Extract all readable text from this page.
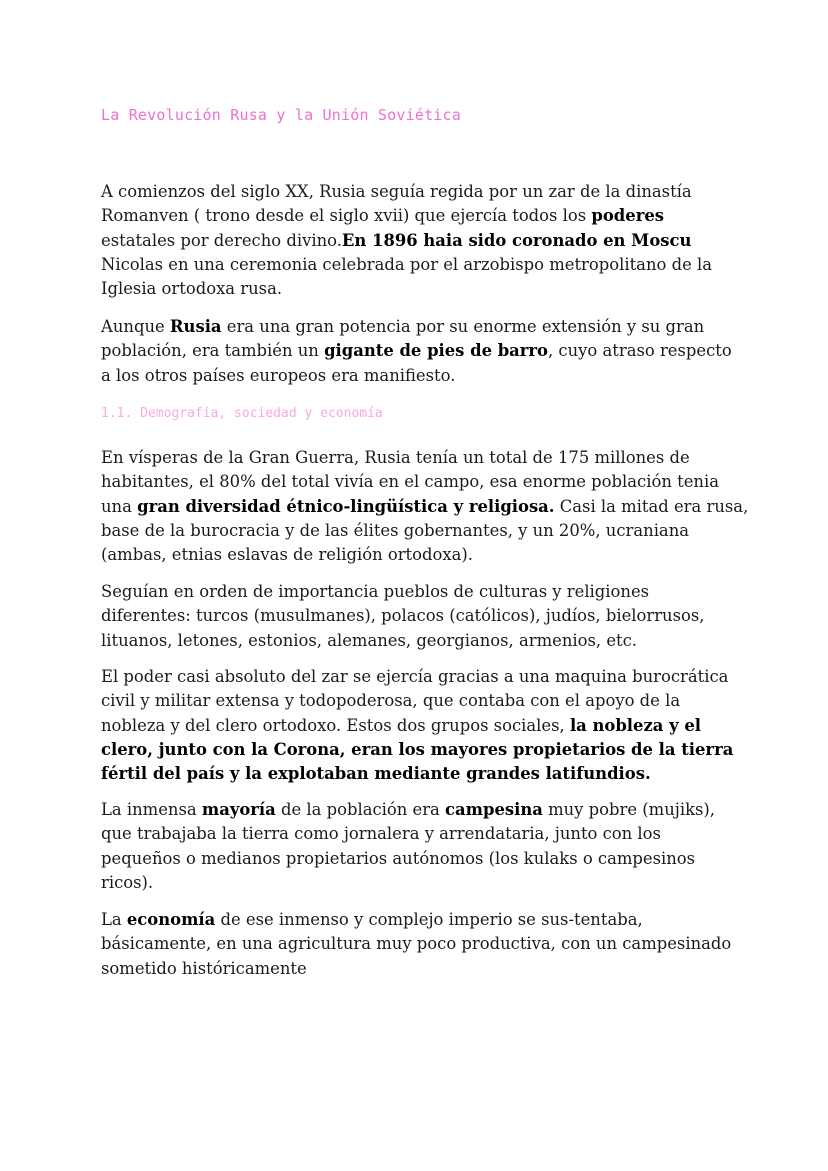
La Revolución Rusa y la Unión Soviética

A comienzos del siglo XX, Rusia seguía regida por un zar de la dinastía
Romanven ( trono desde el siglo xvii) que ejercía todos los poderes
estatales por derecho divino.En 1896 haia sido coronado en Moscu
Nicolas en una ceremonia celebrada por el arzobispo metropolitano de la
Iglesia ortodoxa rusa.

Aunque Rusia era una gran potencia por su enorme extensión y su gran
población, era también un gigante de pies de barro, cuyo atraso respecto
a los otros países europeos era manifiesto.

1.1. Demografía, sociedad y economía

En vísperas de la Gran Guerra, Rusia tenía un total de 175 millones de
habitantes, el 80% del total vivía en el campo, esa enorme población tenia
una gran diversidad étnico-lingüística y religiosa. Casi la mitad era rusa,
base de la burocracia y de las élites gobernantes, y un 20%, ucraniana
(ambas, etnias eslavas de religión ortodoxa).

Seguían en orden de importancia pueblos de culturas y religiones
diferentes: turcos (musulmanes), polacos (católicos), judíos, bielorrusos,
lituanos, letones, estonios, alemanes, georgianos, armenios, etc.

El poder casi absoluto del zar se ejercía gracias a una maquina burocrática
civil y militar extensa y todopoderosa, que contaba con el apoyo de la
nobleza y del clero ortodoxo. Estos dos grupos sociales, la nobleza y el
clero, junto con la Corona, eran los mayores propietarios de la tierra
fértil del país y la explotaban mediante grandes latifundios.

La inmensa mayoría de la población era campesina muy pobre (mujiks),
que trabajaba la tierra como jornalera y arrendataria, junto con los
pequeños o medianos propietarios autónomos (los kulaks o campesinos
ricos).

La economía de ese inmenso y complejo imperio se sus-tentaba,
básicamente, en una agricultura muy poco productiva, con un campesinado
sometido históricamente
